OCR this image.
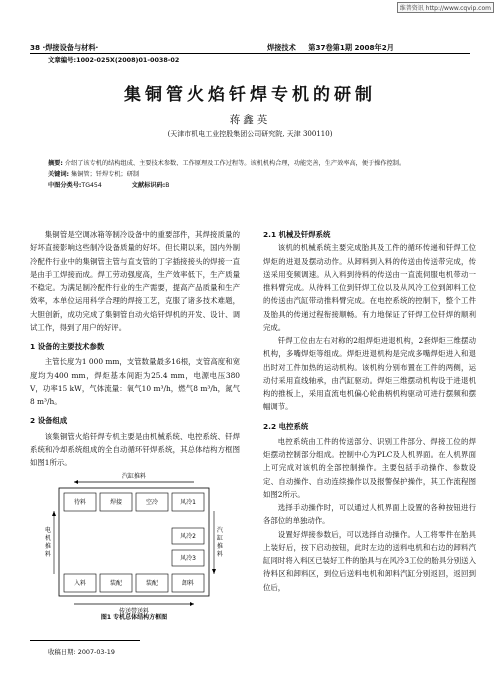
维普资讯 http://www.cqvip.com
38 ·焊接设备与材料·	焊接技术 第37卷第1期 2008年2月
文章编号:1002-025X(2008)01-0038-02
集铜管火焰钎焊专机的研制
蒋鑫英
(天津市机电工业控股集团公司研究院, 天津 300110)
摘要: 介绍了该专机的结构组成、主要技术参数、工作原理及工作过程等。该机机构合理，功能完善，生产效率高，便于操作控制。
关键词: 集铜管；钎焊专机；研制
中图分类号:TG454	文献标识码:B

集铜管是空调冰箱等制冷设备中的重要部件，其焊接质量的好坏直接影响这些制冷设备质量的好坏。但长期以来，国内外制冷配件行业中的集铜管主管与直支管的丁字插接接头的焊接一直是由手工焊接而成。焊工劳动强度高，生产效率低下，生产质量不稳定。为满足制冷配件行业的生产需要，提高产品质量和生产效率，本单位运用科学合理的焊接工艺，克服了诸多技术难题，大胆创新，成功完成了集铜管自动火焰钎焊机的开发、设计、调试工作，得到了用户的好评。

1 设备的主要技术参数

主管长度为1 000 mm，支管数量最多16根，支管高度和宽度均为400 mm，焊炬基本间距为25.4 mm，电源电压380 V，功率15 kW，气体流量：氧气10 m³/h，燃气8 m³/h，氮气8 m³/h。

2 设备组成

该集铜管火焰钎焊专机主要是由机械系统、电控系统、钎焊系统和冷却系统组成的全自动循环钎焊系统，其总体结构方框图如图1所示。

汽缸推料
待料	焊接	空冷	风冷1
风冷2
风冷3
入料	装配	装配	卸料
电
机
推
料
汽
缸
推
料
传送带送料
图1 专机总体结构方框图
收稿日期: 2007-03-19

2.1 机械及钎焊系统

该机的机械系统主要完成胎具及工件的循环传递和钎焊工位焊炬的进退及摆动动作。从卸料到入料的传送由传送带完成，传送采用变频调速。从入料到待料的传送由一直流伺服电机带动一推料臂完成。从待料工位到钎焊工位以及从风冷工位到卸料工位的传送由汽缸带动推料臂完成。在电控系统的控制下，整个工件及胎具的传递过程衔接顺畅。有力地保证了钎焊工位钎焊的顺利完成。

钎焊工位由左右对称的2组焊炬进退机构，2套焊炬三维摆动机构，多嘴焊炬等组成。焊炬进退机构是完成多嘴焊炬进入和退出时对工件加热的运动机构。该机构分别布置在工件的两侧，运动付采用直线轴承，由汽缸驱动。焊炬三维摆动机构设于进退机构的推板上，采用直流电机偏心轮曲柄机构驱动可进行摆频和摆幅调节。

2.2 电控系统

电控系统由工件的传送部分、识别工件部分、焊接工位的焊炬摆动控制部分组成。控制中心为PLC及人机界面。在人机界面上可完成对该机的全部控制操作。主要包括手动操作、参数设定、自动操作、自动连续操作以及报警保护操作，其工作流程图如图2所示。

选择手动操作时，可以通过人机界面上设置的各种按钮进行各部位的单独动作。

设置好焊接参数后，可以选择自动操作。人工将零件在胎具上装好后，按下启动按钮，此时左边的送料电机和右边的卸料汽缸同时将入料区已装好工件的胎具与在风冷3工位的胎具分别送入待料区和卸料区，到位后送料电机和卸料汽缸分别返回，返回到位后，
